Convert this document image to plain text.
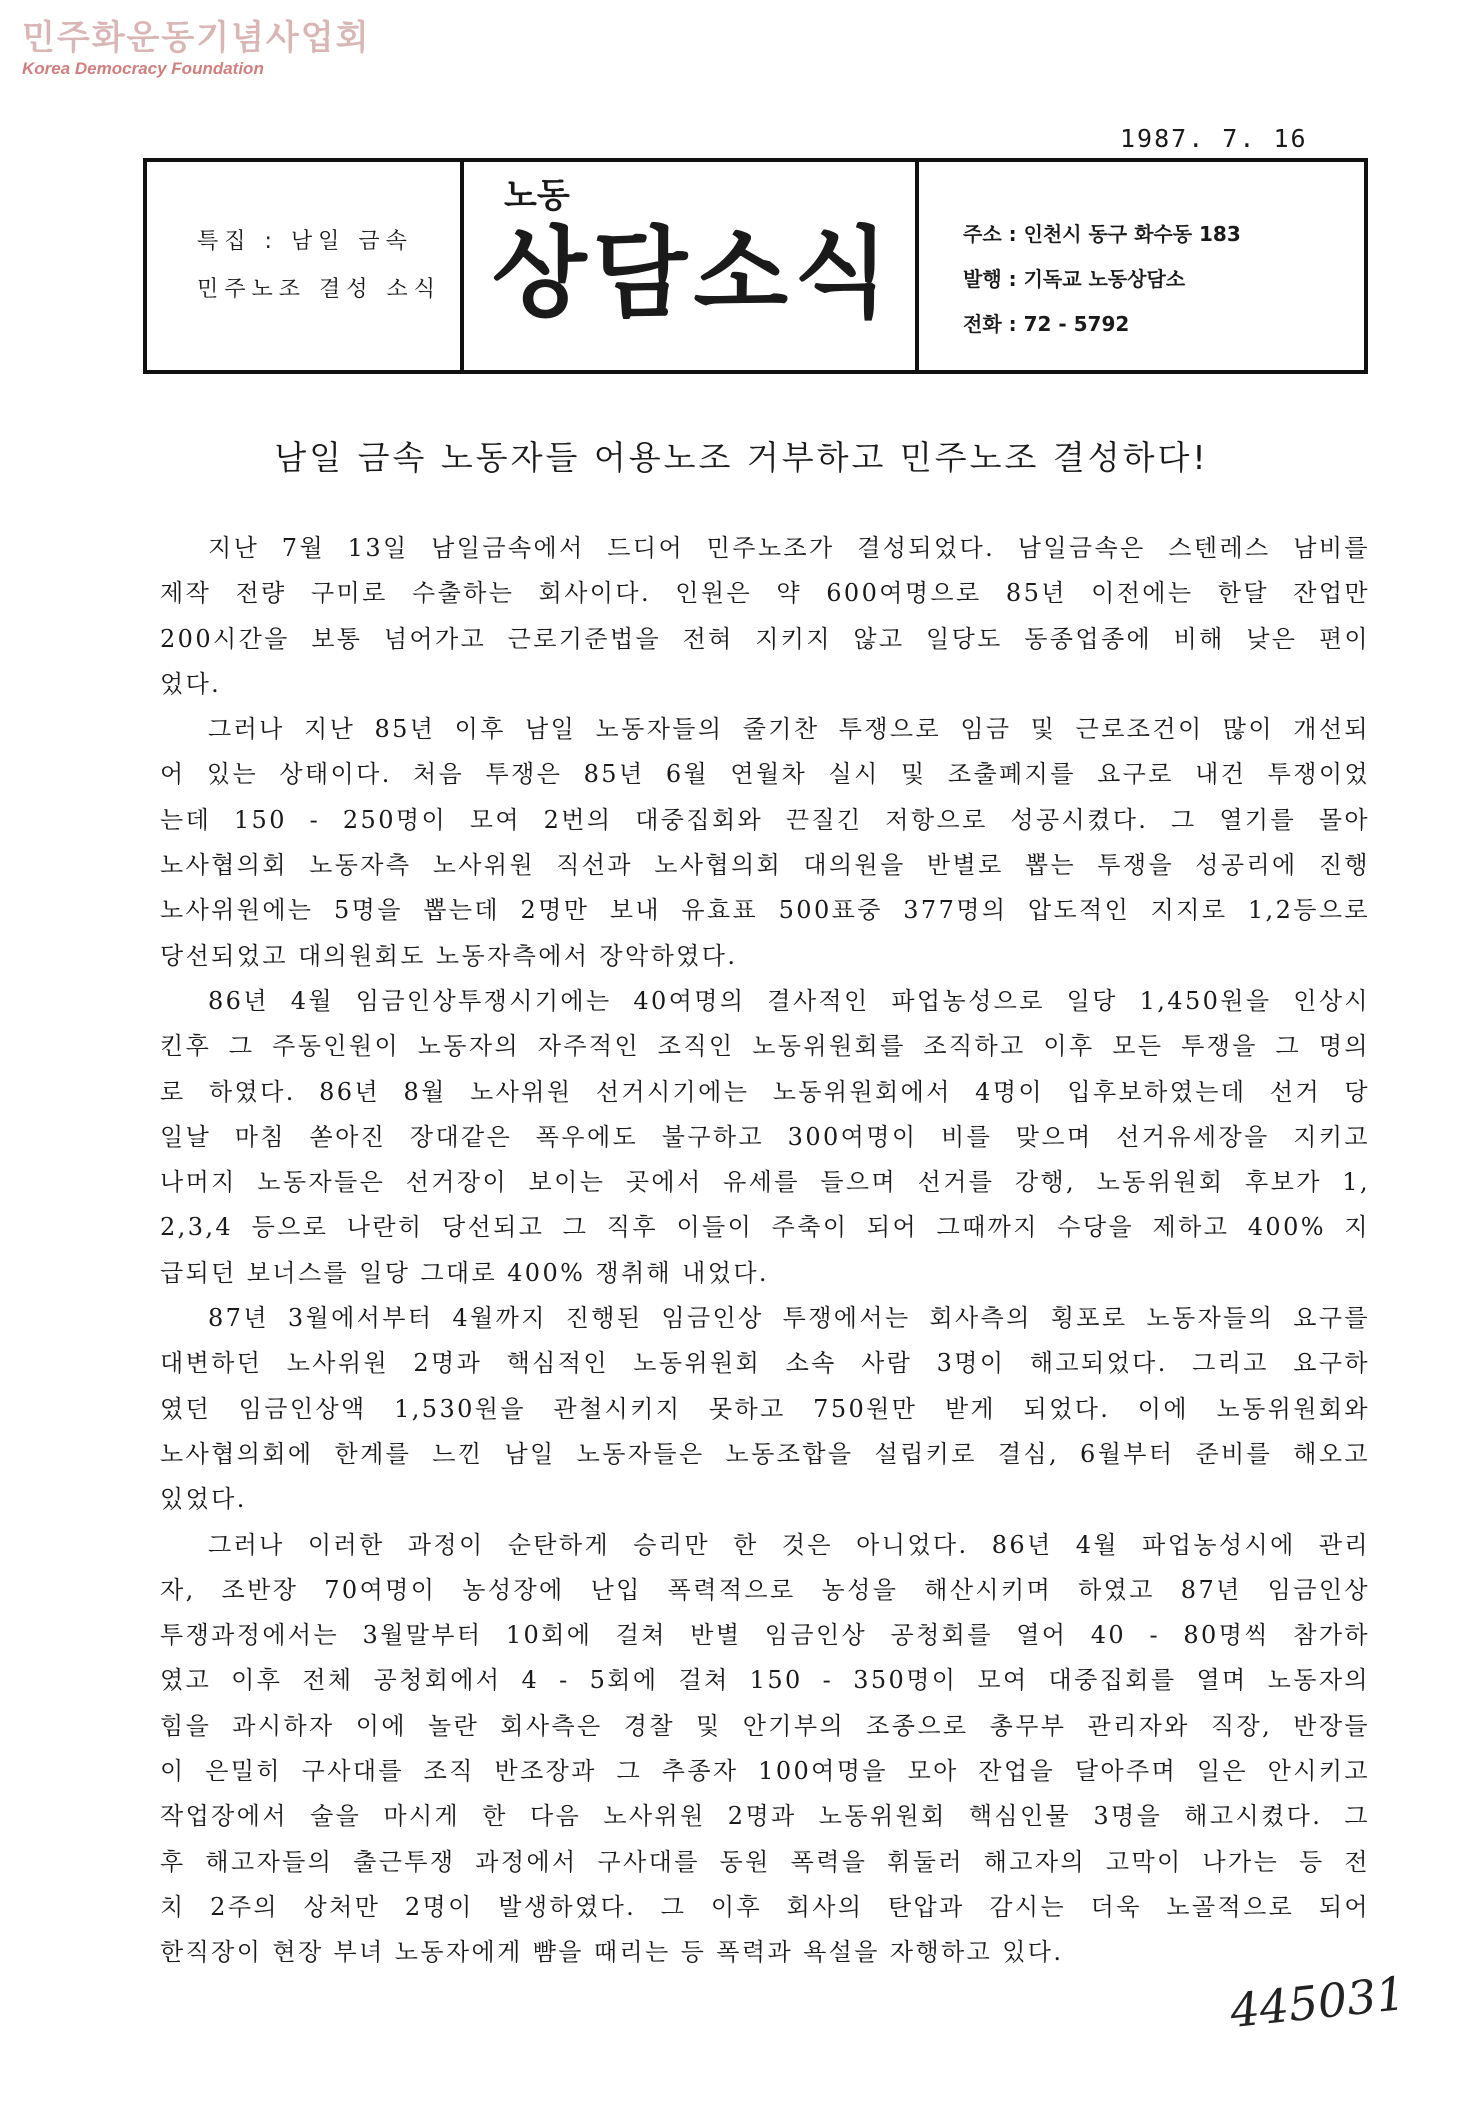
민주화운동기념사업회
Korea Democracy Foundation
1987. 7. 16
특집 : 남일 금속
민주노조 결성 소식
노동
상담소식	주소 : 인천시 동구 화수동 183
발행 : 기독교 노동상담소
전화 : 72 - 5792
남일 금속 노동자들 어용노조 거부하고 민주노조 결성하다!
지난 7월 13일 남일금속에서 드디어 민주노조가 결성되었다. 남일금속은 스텐레스 남비를
제작 전량 구미로 수출하는 회사이다. 인원은 약 600여명으로 85년 이전에는 한달 잔업만
200시간을 보통 넘어가고 근로기준법을 전혀 지키지 않고 일당도 동종업종에 비해 낮은 편이
었다.
그러나 지난 85년 이후 남일 노동자들의 줄기찬 투쟁으로 임금 및 근로조건이 많이 개선되
어 있는 상태이다. 처음 투쟁은 85년 6월 연월차 실시 및 조출폐지를 요구로 내건 투쟁이었
는데 150 - 250명이 모여 2번의 대중집회와 끈질긴 저항으로 성공시켰다. 그 열기를 몰아
노사협의회 노동자측 노사위원 직선과 노사협의회 대의원을 반별로 뽑는 투쟁을 성공리에 진행
노사위원에는 5명을 뽑는데 2명만 보내 유효표 500표중 377명의 압도적인 지지로 1,2등으로
당선되었고 대의원회도 노동자측에서 장악하였다.
86년 4월 임금인상투쟁시기에는 40여명의 결사적인 파업농성으로 일당 1,450원을 인상시
킨후 그 주동인원이 노동자의 자주적인 조직인 노동위원회를 조직하고 이후 모든 투쟁을 그 명의
로 하였다. 86년 8월 노사위원 선거시기에는 노동위원회에서 4명이 입후보하였는데 선거 당
일날 마침 쏟아진 장대같은 폭우에도 불구하고 300여명이 비를 맞으며 선거유세장을 지키고
나머지 노동자들은 선거장이 보이는 곳에서 유세를 들으며 선거를 강행, 노동위원회 후보가 1,
2,3,4 등으로 나란히 당선되고 그 직후 이들이 주축이 되어 그때까지 수당을 제하고 400% 지
급되던 보너스를 일당 그대로 400% 쟁취해 내었다.
87년 3월에서부터 4월까지 진행된 임금인상 투쟁에서는 회사측의 횡포로 노동자들의 요구를
대변하던 노사위원 2명과 핵심적인 노동위원회 소속 사람 3명이 해고되었다. 그리고 요구하
였던 임금인상액 1,530원을 관철시키지 못하고 750원만 받게 되었다. 이에 노동위원회와
노사협의회에 한계를 느낀 남일 노동자들은 노동조합을 설립키로 결심, 6월부터 준비를 해오고
있었다.
그러나 이러한 과정이 순탄하게 승리만 한 것은 아니었다. 86년 4월 파업농성시에 관리
자, 조반장 70여명이 농성장에 난입 폭력적으로 농성을 해산시키며 하였고 87년 임금인상
투쟁과정에서는 3월말부터 10회에 걸쳐 반별 임금인상 공청회를 열어 40 - 80명씩 참가하
였고 이후 전체 공청회에서 4 - 5회에 걸쳐 150 - 350명이 모여 대중집회를 열며 노동자의
힘을 과시하자 이에 놀란 회사측은 경찰 및 안기부의 조종으로 총무부 관리자와 직장, 반장들
이 은밀히 구사대를 조직 반조장과 그 추종자 100여명을 모아 잔업을 달아주며 일은 안시키고
작업장에서 술을 마시게 한 다음 노사위원 2명과 노동위원회 핵심인물 3명을 해고시켰다. 그
후 해고자들의 출근투쟁 과정에서 구사대를 동원 폭력을 휘둘러 해고자의 고막이 나가는 등 전
치 2주의 상처만 2명이 발생하였다. 그 이후 회사의 탄압과 감시는 더욱 노골적으로 되어
한직장이 현장 부녀 노동자에게 뺨을 때리는 등 폭력과 욕설을 자행하고 있다.
445031
